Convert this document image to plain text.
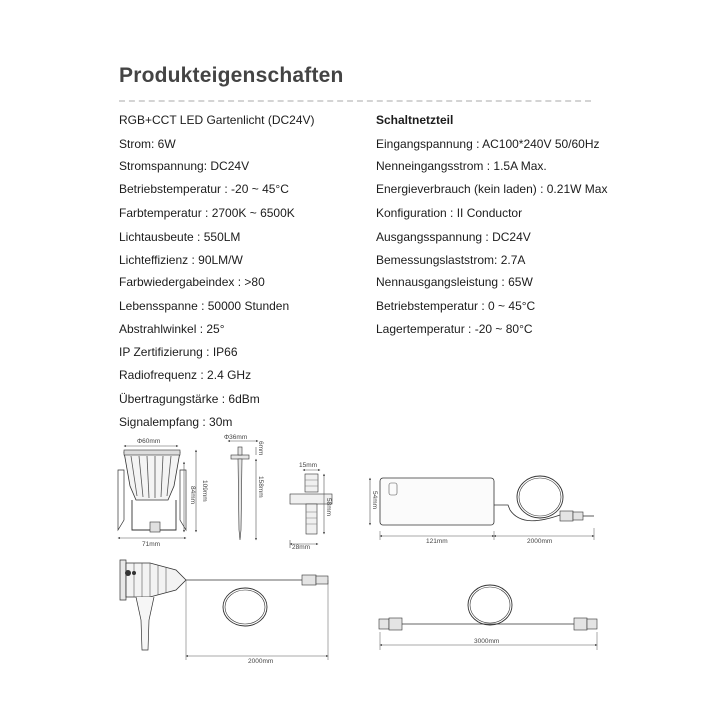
Produkteigenschaften
RGB+CCT LED Gartenlicht (DC24V)
Strom: 6W
Stromspannung: DC24V
Betriebstemperatur : -20 ~ 45°C
Farbtemperatur : 2700K ~ 6500K
Lichtausbeute : 550LM
Lichteffizienz : 90LM/W
Farbwiedergabeindex : >80
Lebensspanne : 50000 Stunden
Abstrahlwinkel : 25°
IP Zertifizierung : IP66
Radiofrequenz : 2.4 GHz
Übertragungstärke : 6dBm
Signalempfang : 30m
Schaltnetzteil
Eingangspannung : AC100*240V 50/60Hz
Nenneingangsstrom : 1.5A Max.
Energieverbrauch (kein laden) : 0.21W Max
Konfiguration : II Conductor
Ausgangsspannung : DC24V
Bemessungslaststrom: 2.7A
Nennausgangsleistung : 65W
Betriebstemperatur : 0 ~ 45°C
Lagertemperatur : -20 ~ 80°C
Φ60mm
109mm
84mm
71mm
Φ36mm
6mm
158mm
15mm
58mm
28mm
54mm
121mm	2000mm
2000mm
3000mm
